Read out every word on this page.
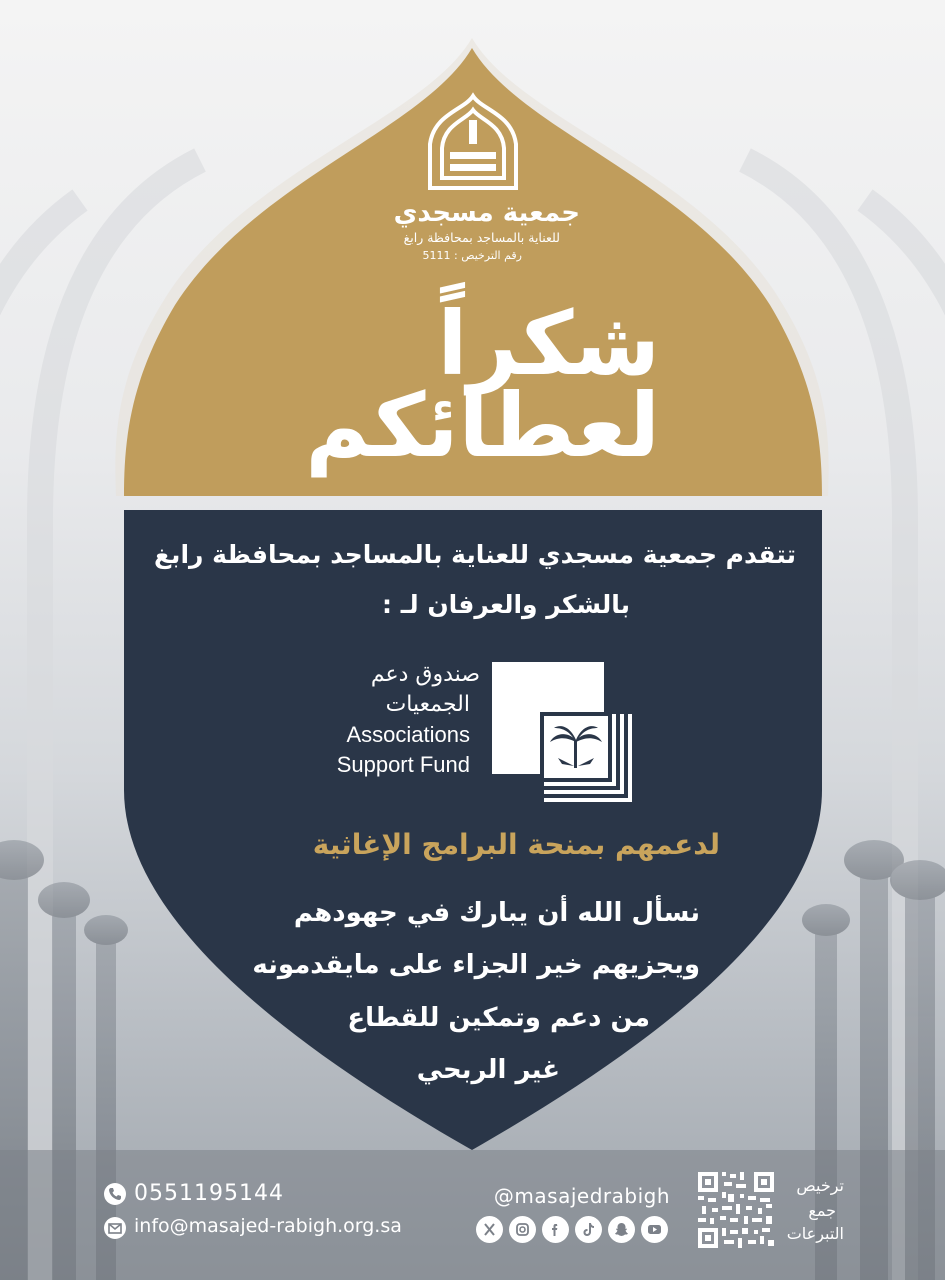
جمعية مسجدي
للعناية بالمساجد بمحافظة رابغ
رقم الترخيص : 5111
شكراً
لعطائكم
تتقدم جمعية مسجدي للعناية بالمساجد بمحافظة رابغ
بالشكر والعرفان لـ :
صندوق دعم
الجمعيات
Associations
Support Fund
لدعمهم بمنحة البرامج الإغاثية
نسأل الله أن يبارك في جهودهم
ويجزيهم خير الجزاء على مايقدمونه
من دعم وتمكين للقطاع
غير الربحي
0551195144
info@masajed-rabigh.org.sa
@masajedrabigh	ترخيص
جمع
التبرعات
